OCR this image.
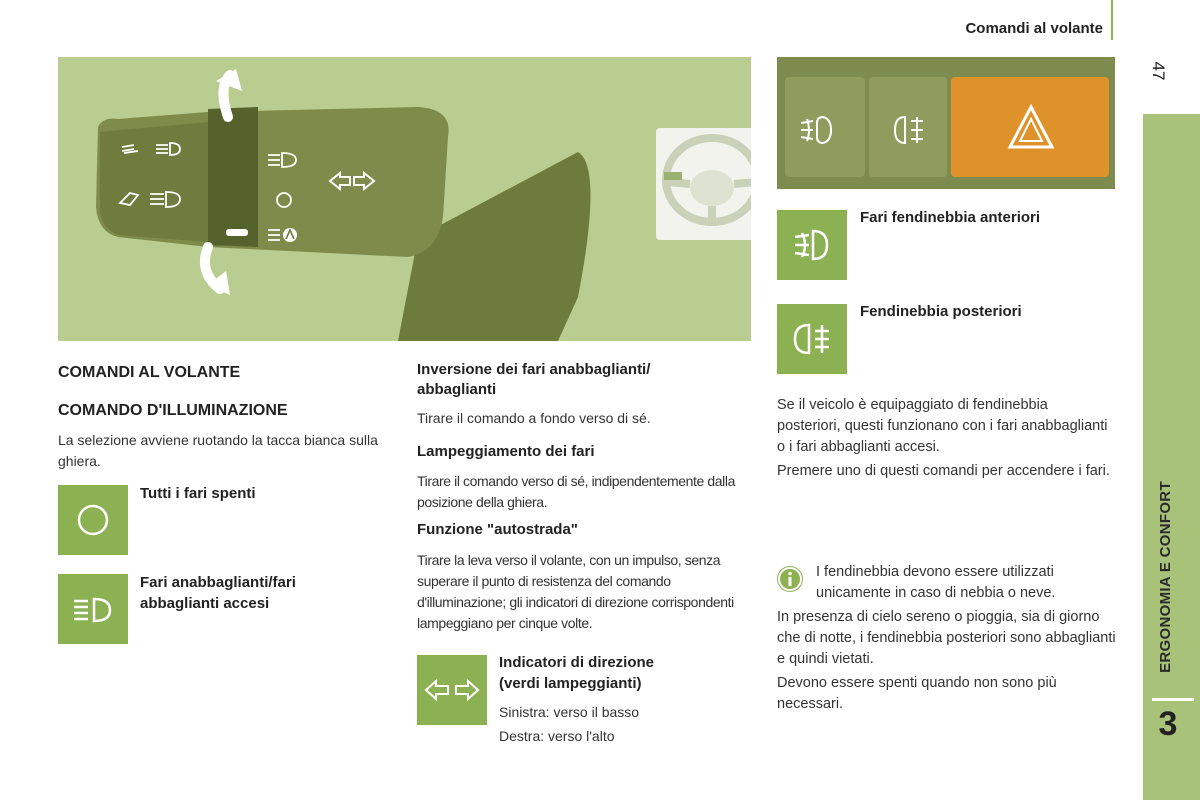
Comandi al volante
47
ERGONOMIA E CONFORT
3
COMANDI AL VOLANTE
COMANDO D'ILLUMINAZIONE

La selezione avviene ruotando la tacca bianca sulla ghiera.

Tutti i fari spenti
Fari anabbaglianti/fari
abbaglianti accesi
Inversione dei fari anabbaglianti/
abbaglianti

Tirare il comando a fondo verso di sé.

Lampeggiamento dei fari

Tirare il comando verso di sé, indipendentemente dalla posizione della ghiera.

Funzione "autostrada"

Tirare la leva verso il volante, con un impulso, senza superare il punto di resistenza del comando d'illuminazione; gli indicatori di direzione corrispondenti lampeggiano per cinque volte.

Indicatori di direzione
(verdi lampeggianti)

Sinistra: verso il basso

Destra: verso l'alto

Fari fendinebbia anteriori
Fendinebbia posteriori

Se il veicolo è equipaggiato di fendinebbia posteriori, questi funzionano con i fari anabbaglianti o i fari abbaglianti accesi.

Premere uno di questi comandi per accendere i fari.

I fendinebbia devono essere utilizzati

unicamente in caso di nebbia o neve.

In presenza di cielo sereno o pioggia, sia di giorno che di notte, i fendinebbia posteriori sono abbaglianti e quindi vietati.

Devono essere spenti quando non sono più necessari.
